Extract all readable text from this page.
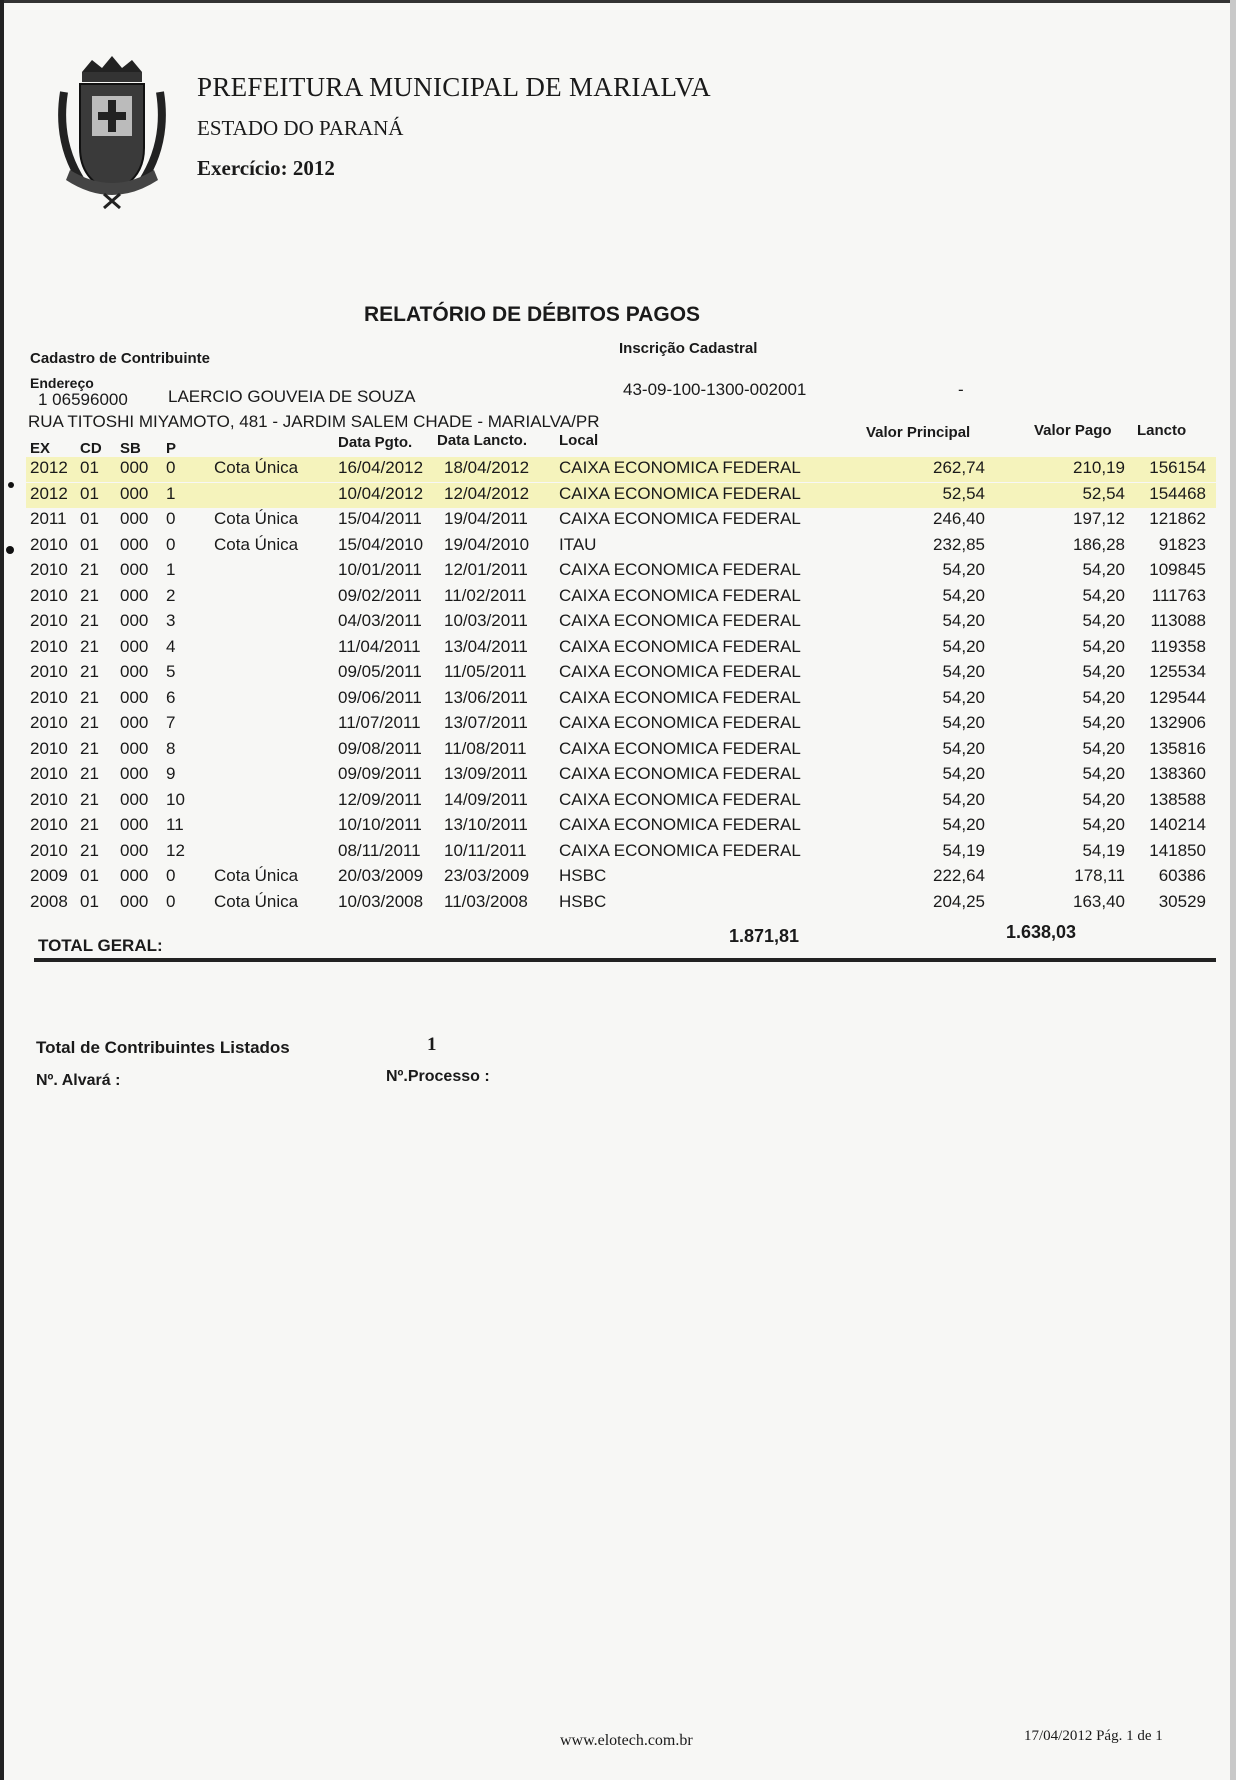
PREFEITURA MUNICIPAL DE MARIALVA
ESTADO DO PARANÁ
Exercício: 2012
RELATÓRIO DE DÉBITOS PAGOS
Cadastro de Contribuinte
Inscrição Cadastral
Endereço
1 06596000 LAERCIO GOUVEIA DE SOUZA	43-09-100-1300-002001	-
RUA TITOSHI MIYAMOTO, 481 - JARDIM SALEM CHADE - MARIALVA/PR
EX CD SB P	Data Pgto. Data Lancto. Local	Valor Principal	Valor Pago Lancto
2012 01 000 0 Cota Única 16/04/2012 18/04/2012 CAIXA ECONOMICA FEDERAL	262,74	210,19 156154
2012 01 000 1	10/04/2012 12/04/2012 CAIXA ECONOMICA FEDERAL	52,54	52,54 154468
2011 01 000 0 Cota Única 15/04/2011 19/04/2011 CAIXA ECONOMICA FEDERAL	246,40	197,12 121862
2010 01 000 0 Cota Única 15/04/2010 19/04/2010 ITAU	232,85	186,28 91823
2010 21 000 1	10/01/2011 12/01/2011 CAIXA ECONOMICA FEDERAL	54,20	54,20 109845
2010 21 000 2	09/02/2011 11/02/2011 CAIXA ECONOMICA FEDERAL	54,20	54,20 111763
2010 21 000 3	04/03/2011 10/03/2011 CAIXA ECONOMICA FEDERAL	54,20	54,20 113088
2010 21 000 4	11/04/2011 13/04/2011 CAIXA ECONOMICA FEDERAL	54,20	54,20 119358
2010 21 000 5	09/05/2011 11/05/2011 CAIXA ECONOMICA FEDERAL	54,20	54,20 125534
2010 21 000 6	09/06/2011 13/06/2011 CAIXA ECONOMICA FEDERAL	54,20	54,20 129544
2010 21 000 7	11/07/2011 13/07/2011 CAIXA ECONOMICA FEDERAL	54,20	54,20 132906
2010 21 000 8	09/08/2011 11/08/2011 CAIXA ECONOMICA FEDERAL	54,20	54,20 135816
2010 21 000 9	09/09/2011 13/09/2011 CAIXA ECONOMICA FEDERAL	54,20	54,20 138360
2010 21 000 10	12/09/2011 14/09/2011 CAIXA ECONOMICA FEDERAL	54,20	54,20 138588
2010 21 000 11	10/10/2011 13/10/2011 CAIXA ECONOMICA FEDERAL	54,20	54,20 140214
2010 21 000 12	08/11/2011 10/11/2011 CAIXA ECONOMICA FEDERAL	54,19	54,19 141850
2009 01 000 0 Cota Única 20/03/2009 23/03/2009 HSBC	222,64	178,11 60386
2008 01 000 0 Cota Única 10/03/2008 11/03/2008 HSBC	204,25	163,40 30529
TOTAL GERAL:	1.871,81	1.638,03
Total de Contribuintes Listados	1
Nº. Alvará :	Nº.Processo :
www.elotech.com.br	17/04/2012 Pág. 1 de 1
